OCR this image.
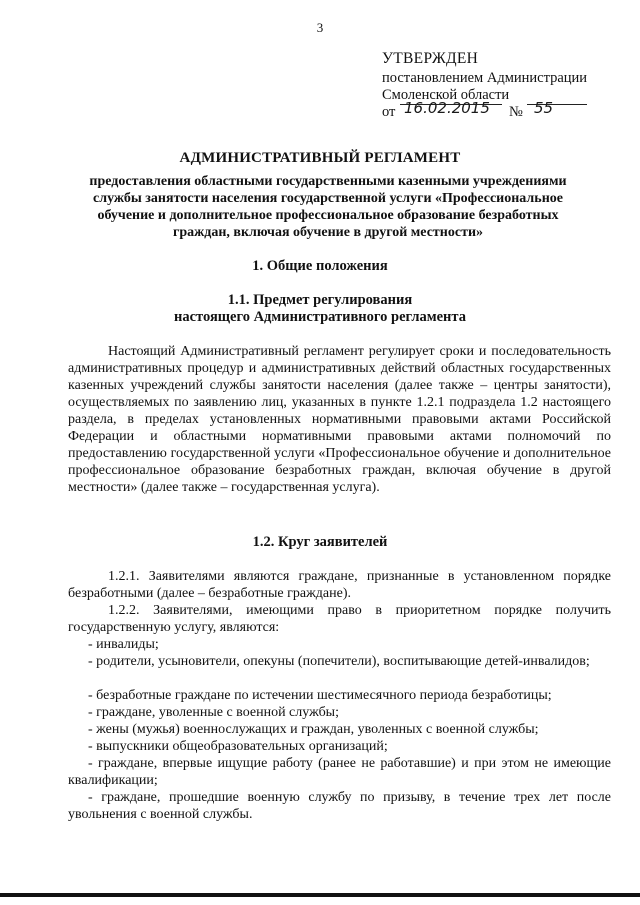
3
УТВЕРЖДЕН
постановлением Администрации
Смоленской области
от 16.02.2015 № 55
АДМИНИСТРАТИВНЫЙ РЕГЛАМЕНТ
предоставления областными государственными казенными учреждениями службы занятости населения государственной услуги «Профессиональное обучение и дополнительное профессиональное образование безработных граждан, включая обучение в другой местности»
1. Общие положения
1.1. Предмет регулирования
настоящего Административного регламента
Настоящий Административный регламент регулирует сроки и последовательность административных процедур и административных действий областных государственных казенных учреждений службы занятости населения (далее также – центры занятости), осуществляемых по заявлению лиц, указанных в пункте 1.2.1 подраздела 1.2 настоящего раздела, в пределах установленных нормативными правовыми актами Российской Федерации и областными нормативными правовыми актами полномочий по предоставлению государственной услуги «Профессиональное обучение и дополнительное профессиональное образование безработных граждан, включая обучение в другой местности» (далее также – государственная услуга).
1.2. Круг заявителей
1.2.1. Заявителями являются граждане, признанные в установленном порядке безработными (далее – безработные граждане).
1.2.2. Заявителями, имеющими право в приоритетном порядке получить государственную услугу, являются:
- инвалиды;
- родители, усыновители, опекуны (попечители), воспитывающие детей-инвалидов;
- безработные граждане по истечении шестимесячного периода безработицы;
- граждане, уволенные с военной службы;
- жены (мужья) военнослужащих и граждан, уволенных с военной службы;
- выпускники общеобразовательных организаций;
- граждане, впервые ищущие работу (ранее не работавшие) и при этом не имеющие квалификации;
- граждане, прошедшие военную службу по призыву, в течение трех лет после увольнения с военной службы.
